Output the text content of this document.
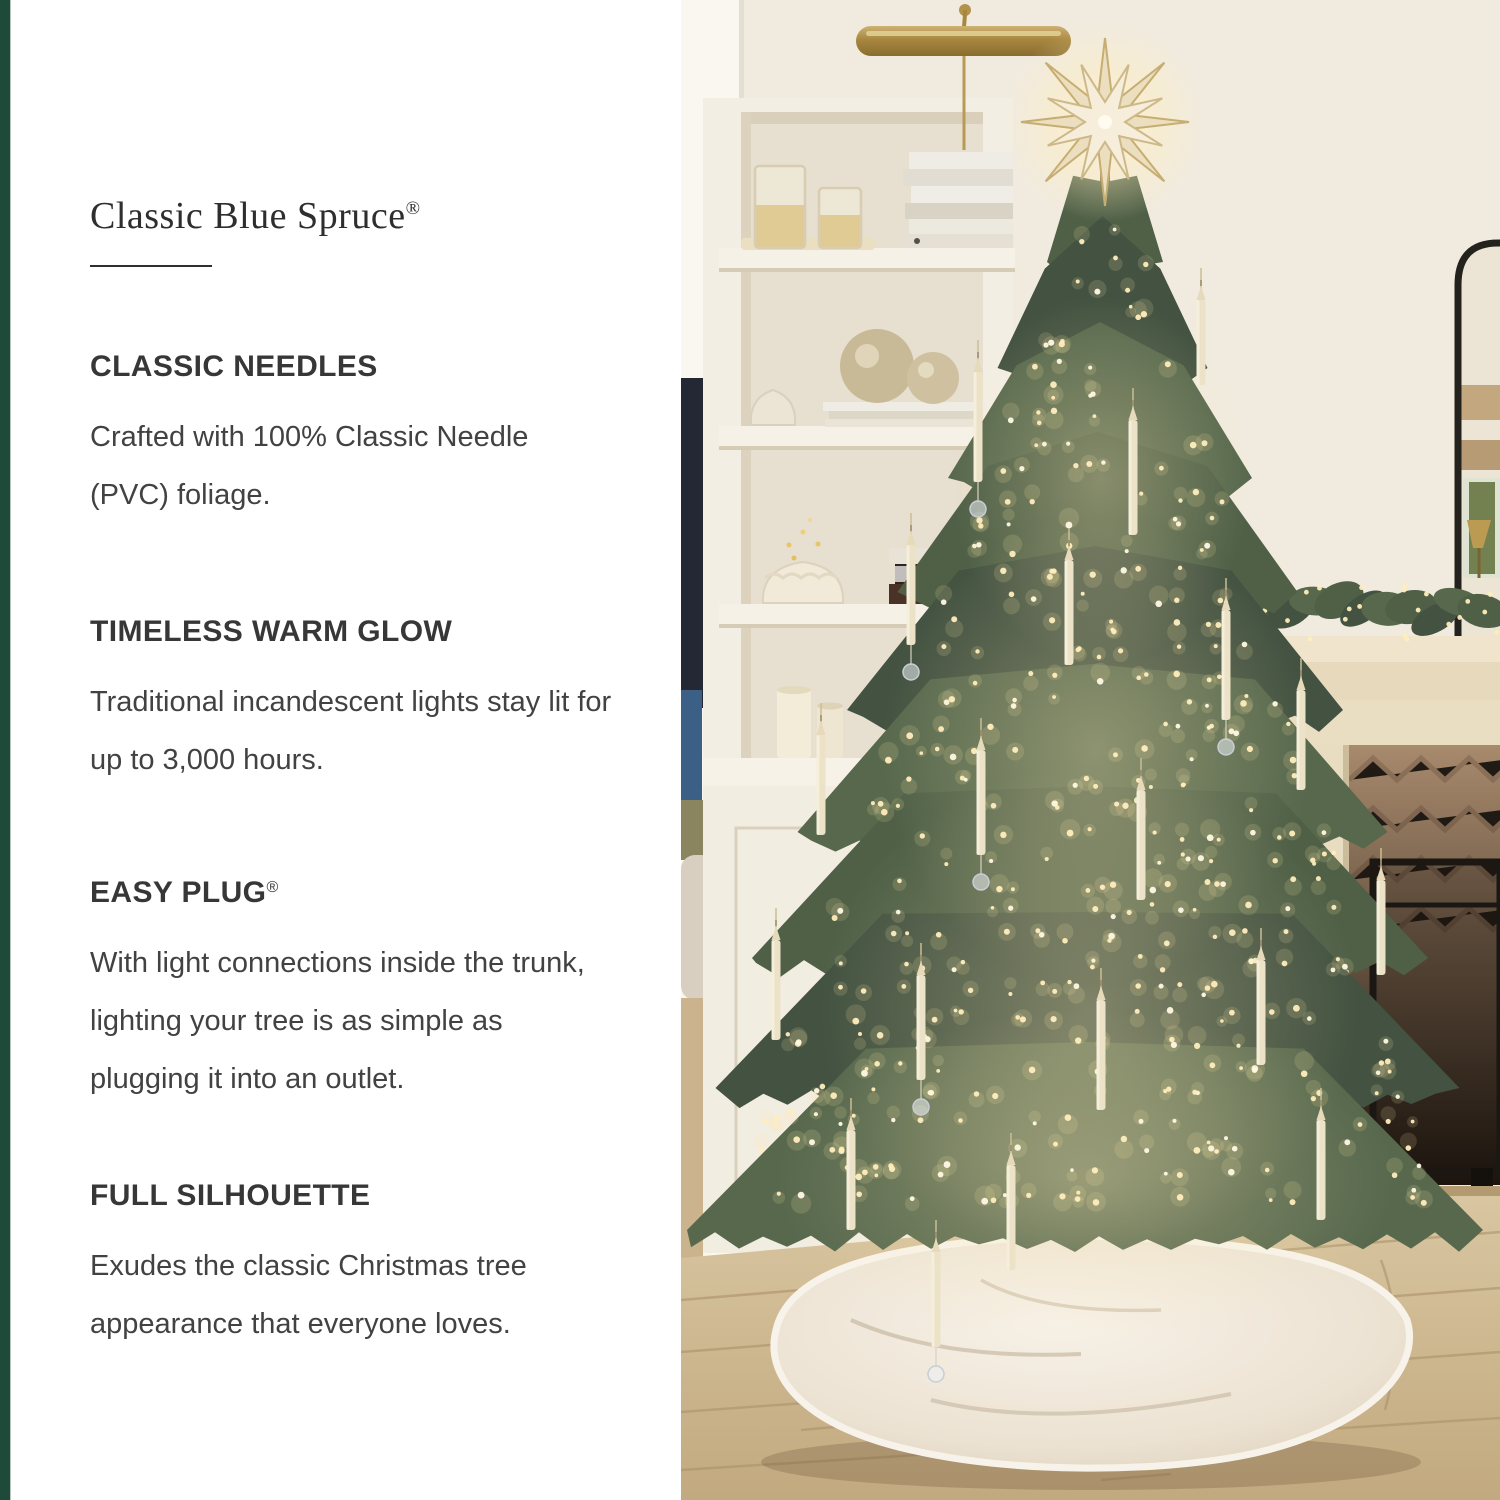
Classic Blue Spruce®
CLASSIC NEEDLES

Crafted with 100% Classic Needle (PVC) foliage.

TIMELESS WARM GLOW

Traditional incandescent lights stay lit for up to 3,000 hours.

EASY PLUG®

With light connections inside the trunk, lighting your tree is as simple as plugging it into an outlet.

FULL SILHOUETTE

Exudes the classic Christmas tree appearance that everyone loves.
